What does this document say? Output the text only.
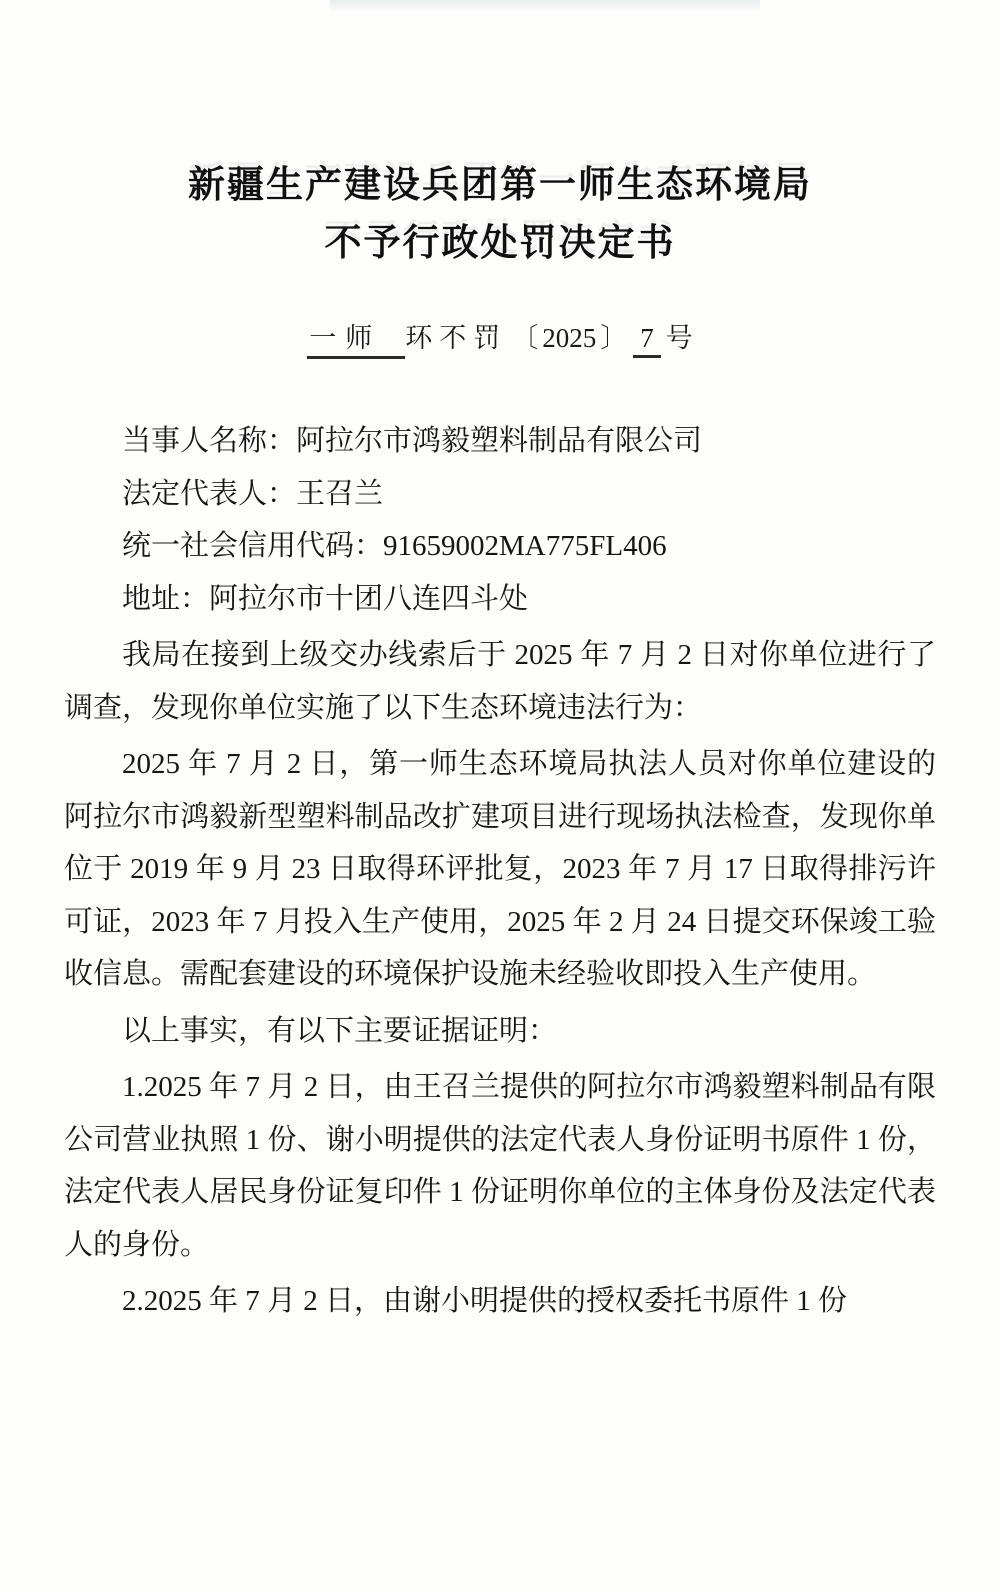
新疆生产建设兵团第一师生态环境局
不予行政处罚决定书
一师 环不罚 〔 2025 〕 7 号

当事人名称：阿拉尔市鸿毅塑料制品有限公司

法定代表人：王召兰

统一社会信用代码：91659002MA775FL406

地址：阿拉尔市十团八连四斗处

我局在接到上级交办线索后于 2025 年 7 月 2 日对你单位进行了调查，发现你单位实施了以下生态环境违法行为：

2025 年 7 月 2 日，第一师生态环境局执法人员对你单位建设的阿拉尔市鸿毅新型塑料制品改扩建项目进行现场执法检查，发现你单位于 2019 年 9 月 23 日取得环评批复，2023 年 7 月 17 日取得排污许可证，2023 年 7 月投入生产使用，2025 年 2 月 24 日提交环保竣工验收信息。需配套建设的环境保护设施未经验收即投入生产使用。

以上事实，有以下主要证据证明：

1.2025 年 7 月 2 日，由王召兰提供的阿拉尔市鸿毅塑料制品有限公司营业执照 1 份、谢小明提供的法定代表人身份证明书原件 1 份，法定代表人居民身份证复印件 1 份证明你单位的主体身份及法定代表人的身份。

2.2025 年 7 月 2 日，由谢小明提供的授权委托书原件 1 份
